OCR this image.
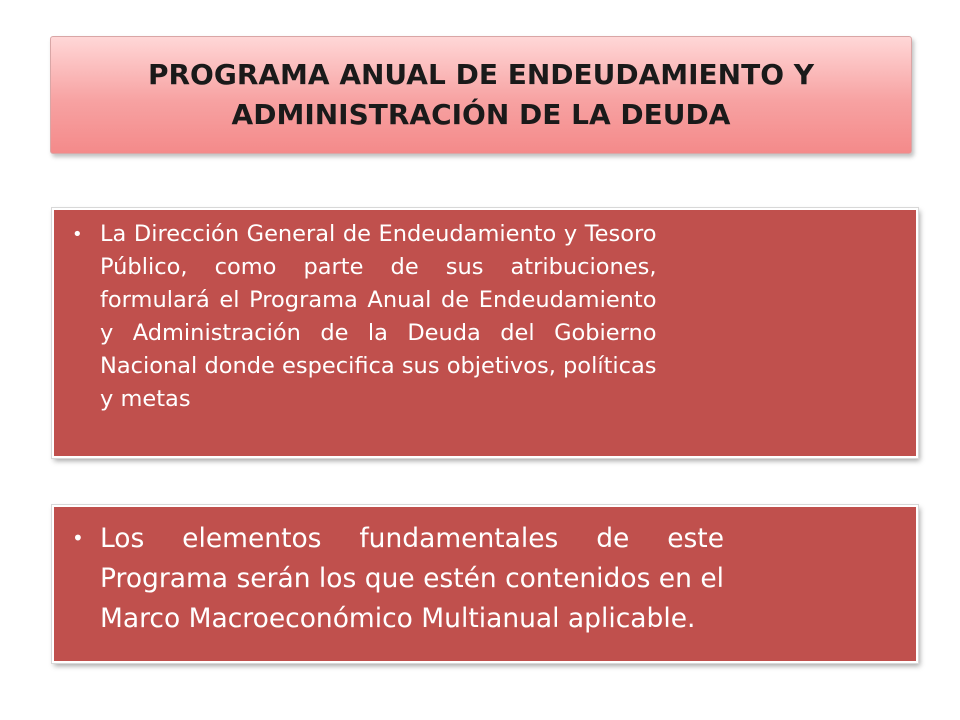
PROGRAMA ANUAL DE ENDEUDAMIENTO Y
ADMINISTRACIÓN DE LA DEUDA
• La Dirección General de Endeudamiento y Tesoro
Público, como parte de sus atribuciones,
formulará el Programa Anual de Endeudamiento
y Administración de la Deuda del Gobierno
Nacional donde especifica sus objetivos, políticas
y metas

• Los elementos fundamentales de este
Programa serán los que estén contenidos en el
Marco Macroeconómico Multianual aplicable.
